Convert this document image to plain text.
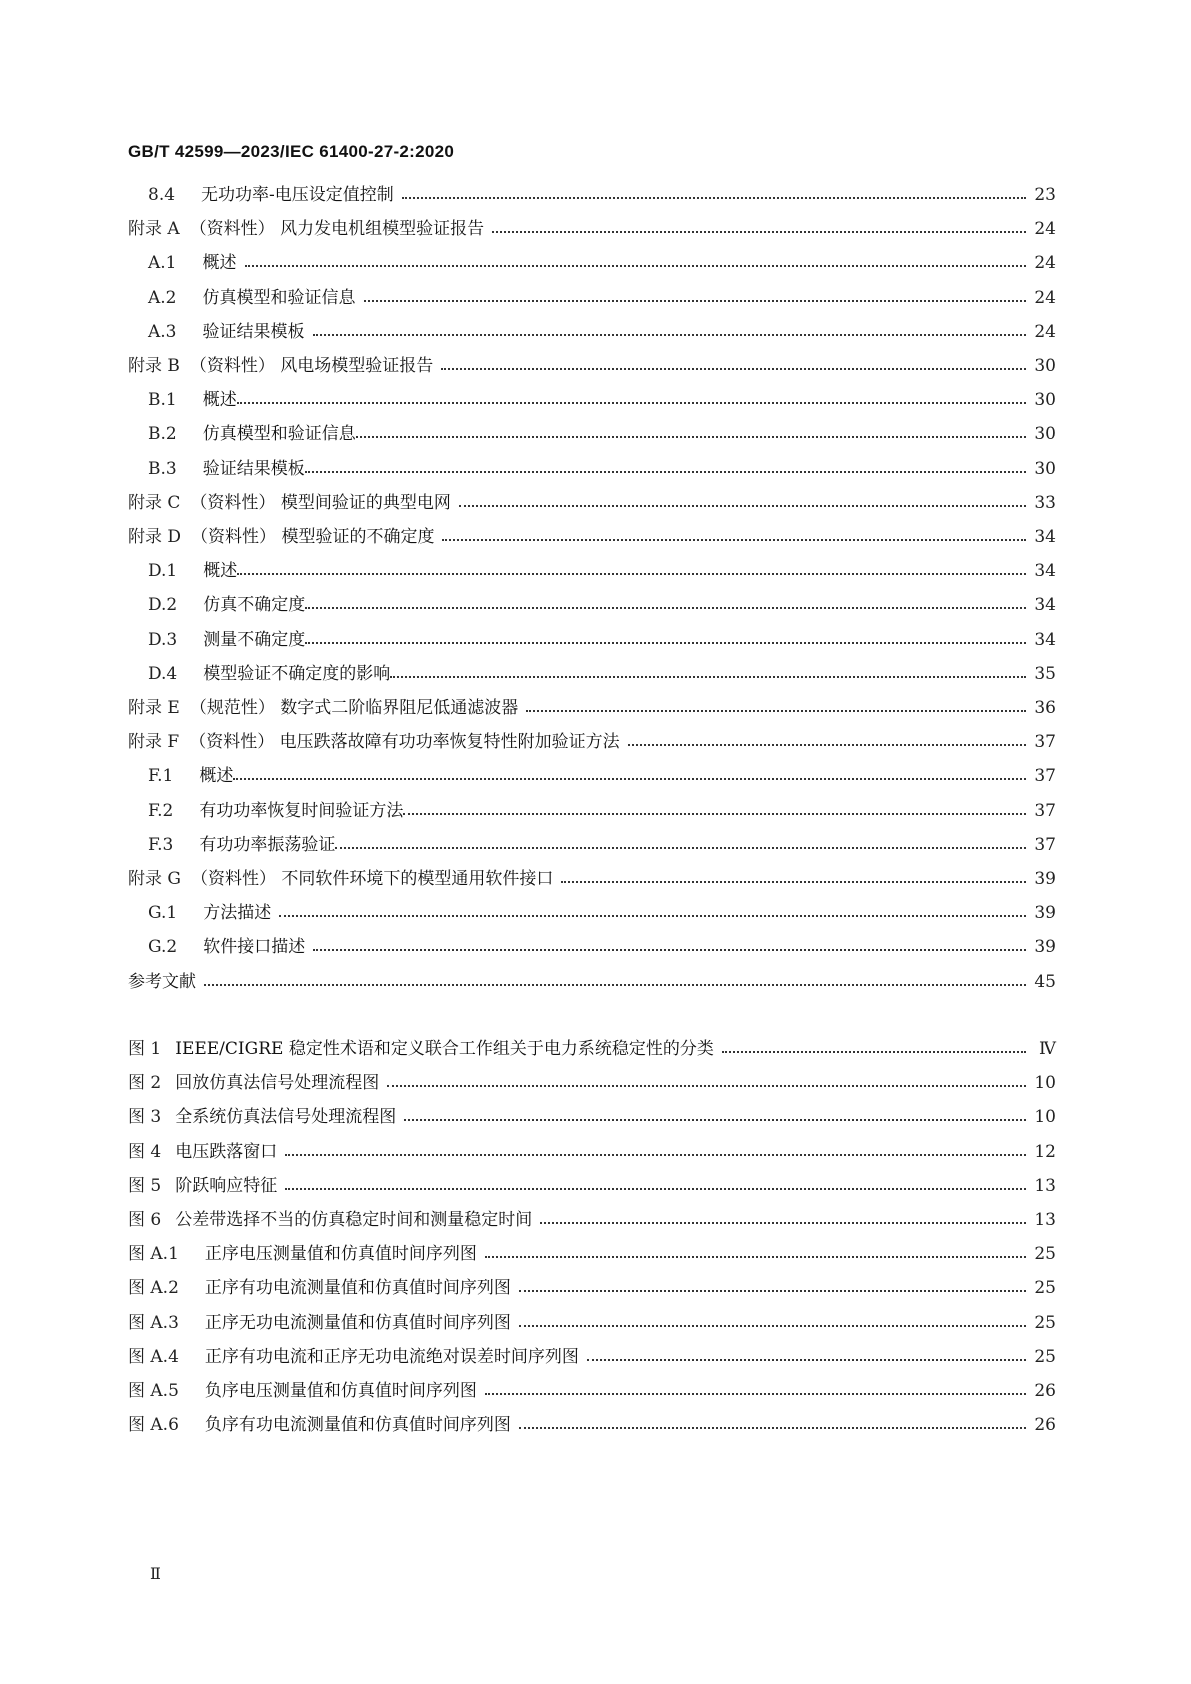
GB/T 42599—2023/IEC 61400-27-2:2020
8.4 无功功率-电压设定值控制	23
附录 A （资料性） 风力发电机组模型验证报告	24
A.1 概述	24
A.2 仿真模型和验证信息	24
A.3 验证结果模板	24
附录 B （资料性） 风电场模型验证报告	30
B.1 概述	30
B.2 仿真模型和验证信息	30
B.3 验证结果模板	30
附录 C （资料性） 模型间验证的典型电网	33
附录 D （资料性） 模型验证的不确定度	34
D.1 概述	34
D.2 仿真不确定度	34
D.3 测量不确定度	34
D.4 模型验证不确定度的影响	35
附录 E （规范性） 数字式二阶临界阻尼低通滤波器	36
附录 F （资料性） 电压跌落故障有功功率恢复特性附加验证方法	37
F.1 概述	37
F.2 有功功率恢复时间验证方法	37
F.3 有功功率振荡验证	37
附录 G （资料性） 不同软件环境下的模型通用软件接口	39
G.1 方法描述	39
G.2 软件接口描述	39
参考文献	45
图 1 IEEE/CIGRE 稳定性术语和定义联合工作组关于电力系统稳定性的分类	Ⅳ
图 2 回放仿真法信号处理流程图	10
图 3 全系统仿真法信号处理流程图	10
图 4 电压跌落窗口	12
图 5 阶跃响应特征	13
图 6 公差带选择不当的仿真稳定时间和测量稳定时间	13
图 A.1 正序电压测量值和仿真值时间序列图	25
图 A.2 正序有功电流测量值和仿真值时间序列图	25
图 A.3 正序无功电流测量值和仿真值时间序列图	25
图 A.4 正序有功电流和正序无功电流绝对误差时间序列图	25
图 A.5 负序电压测量值和仿真值时间序列图	26
图 A.6 负序有功电流测量值和仿真值时间序列图	26
Ⅱ
